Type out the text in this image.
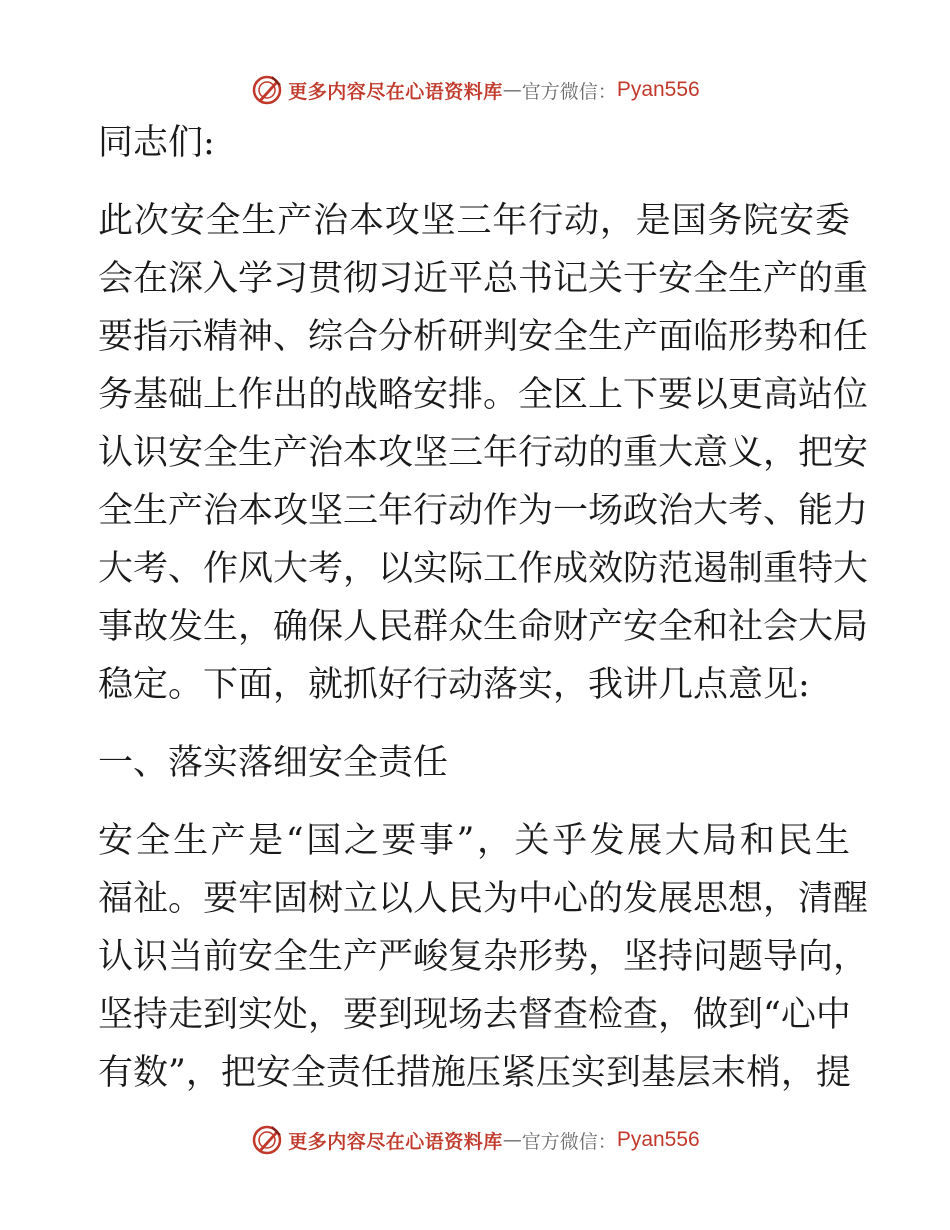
更多内容尽在心语资料库 — 官方微信： Pyan556
同志们:
此次安全生产治本攻坚三年行动，是国务院安委
会在深入学习贯彻习近平总书记关于安全生产的重
要指示精神、综合分析研判安全生产面临形势和任
务基础上作出的战略安排。全区上下要以更高站位
认识安全生产治本攻坚三年行动的重大意义，把安
全生产治本攻坚三年行动作为一场政治大考、能力
大考、作风大考，以实际工作成效防范遏制重特大
事故发生，确保人民群众生命财产安全和社会大局
稳定。下面，就抓好行动落实，我讲几点意见:
一、落实落细安全责任
安全生产是“国之要事”，关乎发展大局和民生
福祉。要牢固树立以人民为中心的发展思想，清醒
认识当前安全生产严峻复杂形势，坚持问题导向，
坚持走到实处，要到现场去督查检查，做到“心中
有数”，把安全责任措施压紧压实到基层末梢，提
更多内容尽在心语资料库 — 官方微信： Pyan556
